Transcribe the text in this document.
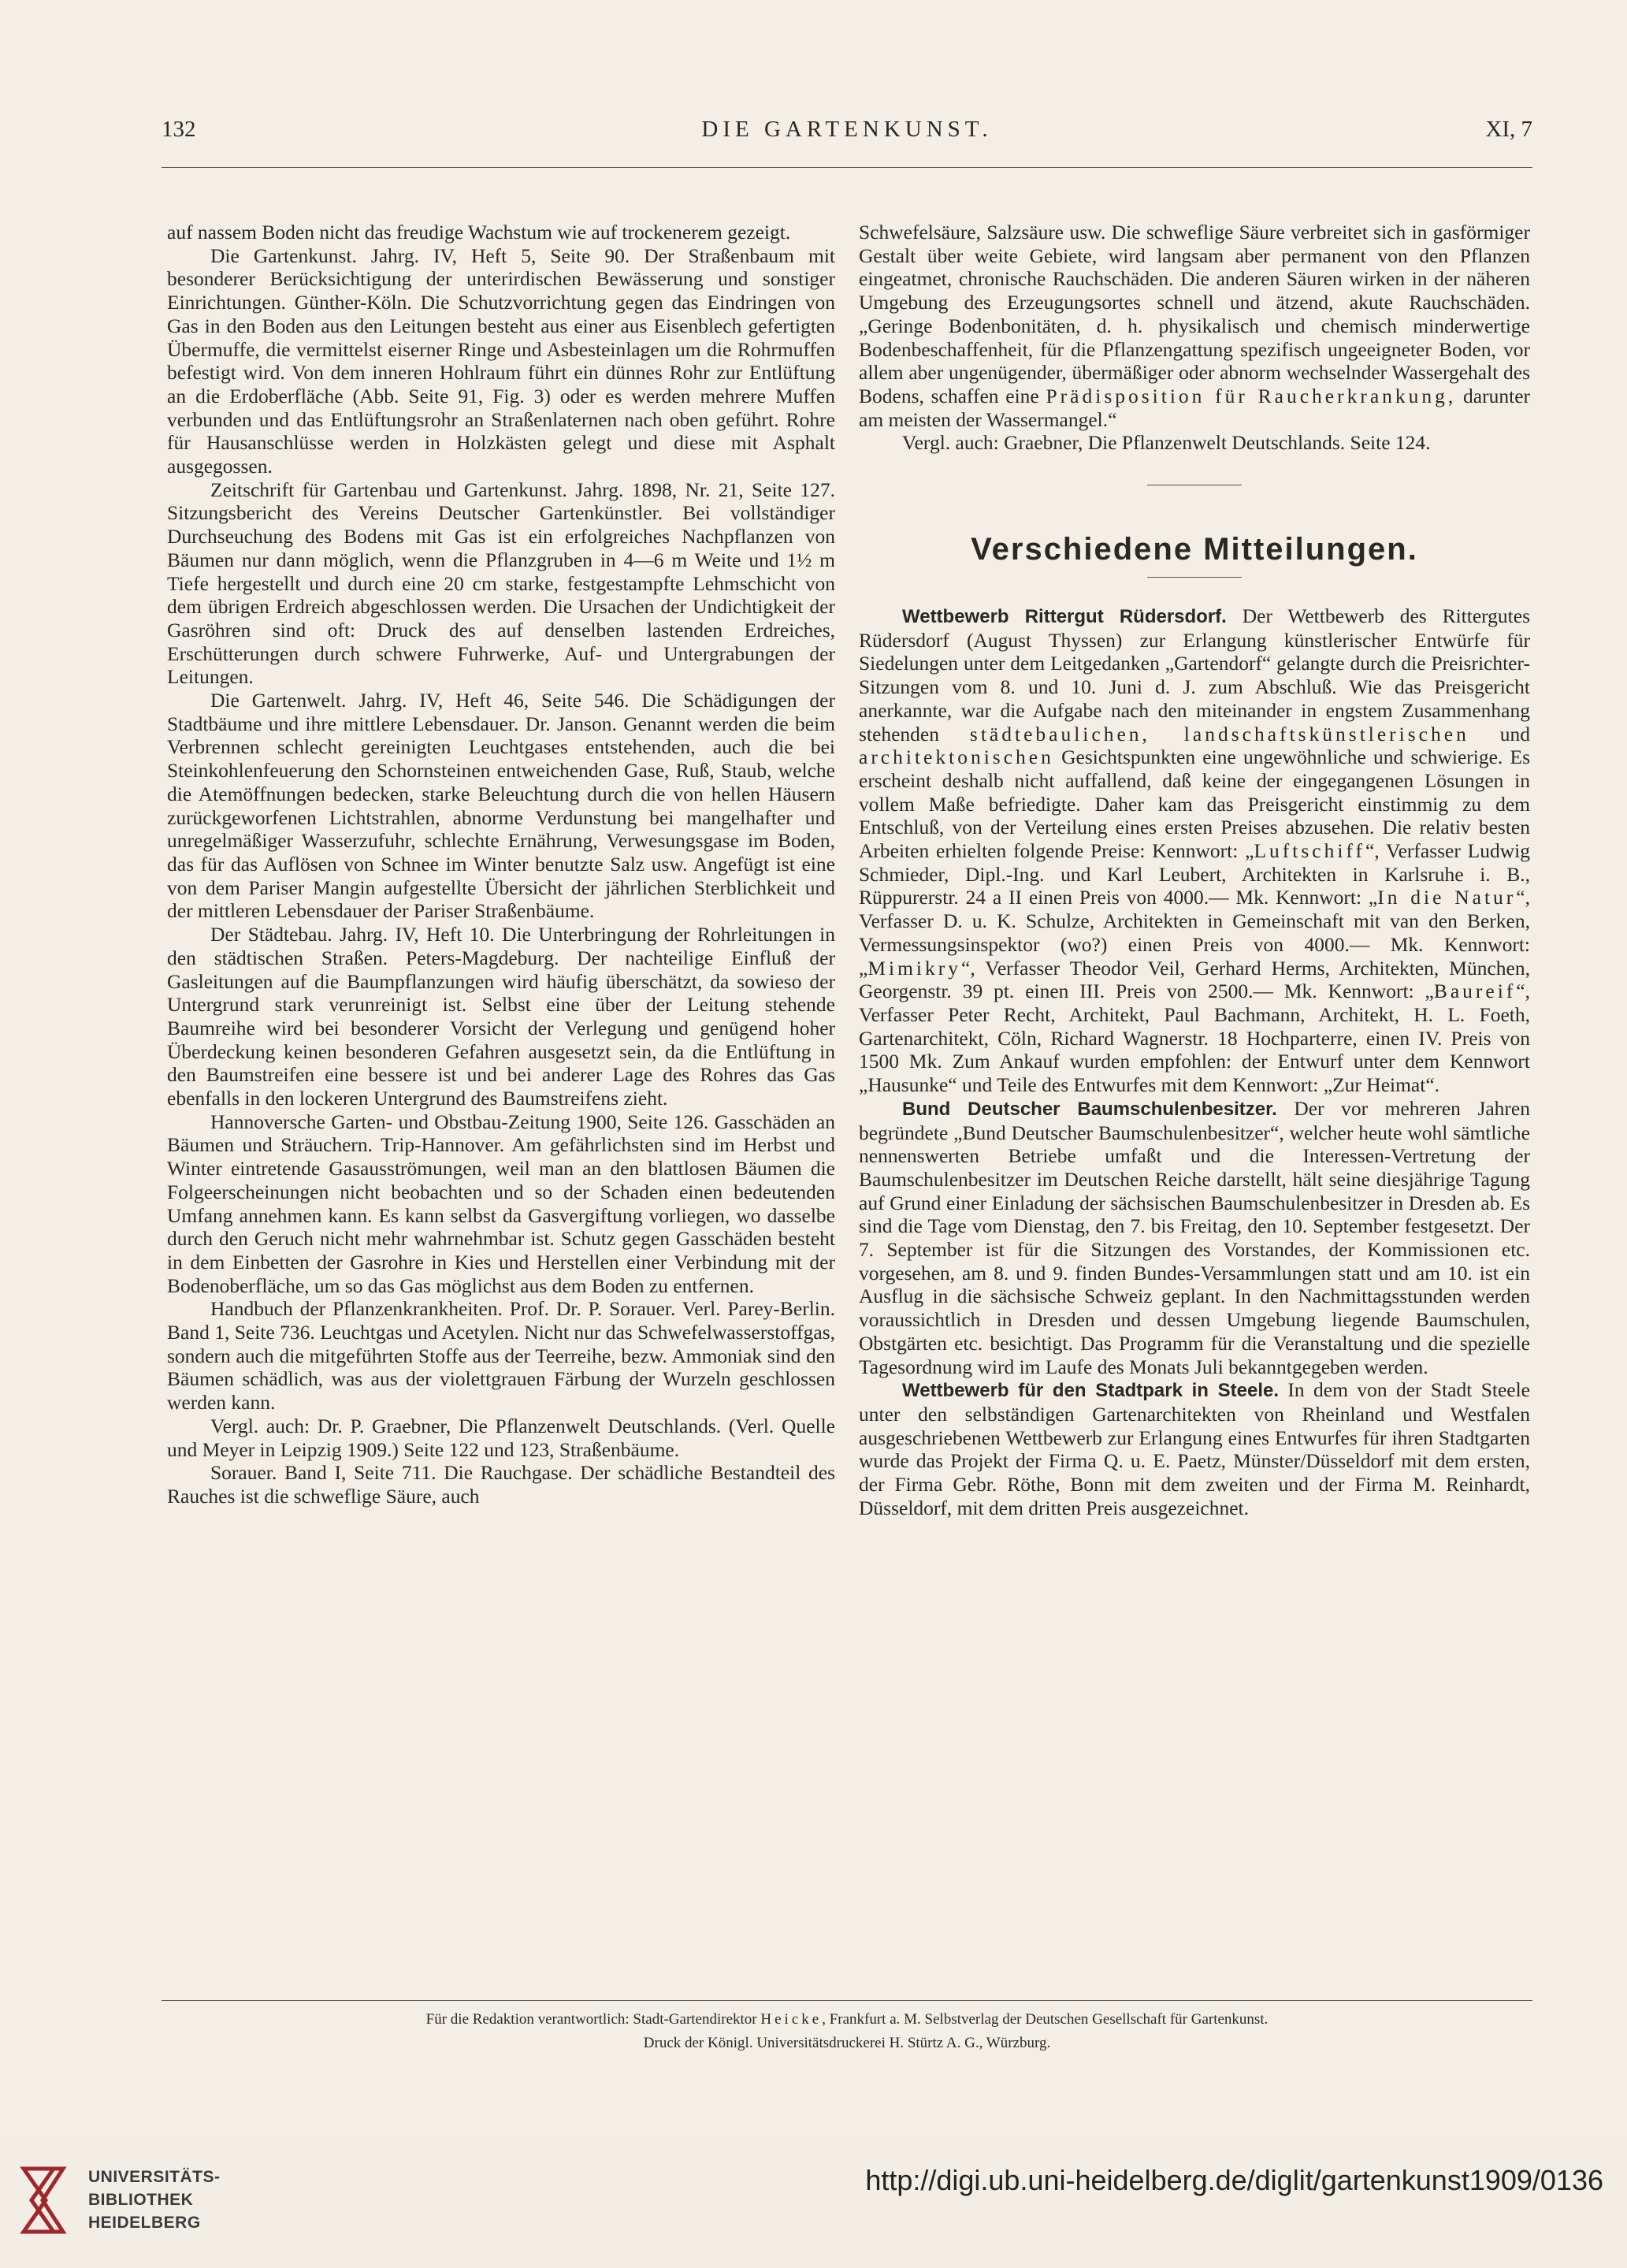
132	DIE GARTENKUNST.	XI, 7

auf nassem Boden nicht das freudige Wachstum wie auf trockenerem gezeigt.

Die Gartenkunst. Jahrg. IV, Heft 5, Seite 90. Der Straßenbaum mit besonderer Berücksichtigung der unterirdischen Bewässerung und sonstiger Einrichtungen. Günther-Köln. Die Schutzvorrichtung gegen das Eindringen von Gas in den Boden aus den Leitungen besteht aus einer aus Eisenblech gefertigten Übermuffe, die vermittelst eiserner Ringe und Asbesteinlagen um die Rohrmuffen befestigt wird. Von dem inneren Hohlraum führt ein dünnes Rohr zur Entlüftung an die Erdoberfläche (Abb. Seite 91, Fig. 3) oder es werden mehrere Muffen verbunden und das Entlüftungsrohr an Straßenlaternen nach oben geführt. Rohre für Hausanschlüsse werden in Holzkästen gelegt und diese mit Asphalt ausgegossen.

Zeitschrift für Gartenbau und Gartenkunst. Jahrg. 1898, Nr. 21, Seite 127. Sitzungsbericht des Vereins Deutscher Gartenkünstler. Bei vollständiger Durchseuchung des Bodens mit Gas ist ein erfolgreiches Nachpflanzen von Bäumen nur dann möglich, wenn die Pflanzgruben in 4—6 m Weite und 1½ m Tiefe hergestellt und durch eine 20 cm starke, festgestampfte Lehmschicht von dem übrigen Erdreich abgeschlossen werden. Die Ursachen der Undichtigkeit der Gasröhren sind oft: Druck des auf denselben lastenden Erdreiches, Erschütterungen durch schwere Fuhrwerke, Auf- und Untergrabungen der Leitungen.

Die Gartenwelt. Jahrg. IV, Heft 46, Seite 546. Die Schädigungen der Stadtbäume und ihre mittlere Lebensdauer. Dr. Janson. Genannt werden die beim Verbrennen schlecht gereinigten Leuchtgases entstehenden, auch die bei Steinkohlenfeuerung den Schornsteinen entweichenden Gase, Ruß, Staub, welche die Atemöffnungen bedecken, starke Beleuchtung durch die von hellen Häusern zurückgeworfenen Lichtstrahlen, abnorme Verdunstung bei mangelhafter und unregelmäßiger Wasserzufuhr, schlechte Ernährung, Verwesungsgase im Boden, das für das Auflösen von Schnee im Winter benutzte Salz usw. Angefügt ist eine von dem Pariser Mangin aufgestellte Übersicht der jährlichen Sterblichkeit und der mittleren Lebensdauer der Pariser Straßenbäume.

Der Städtebau. Jahrg. IV, Heft 10. Die Unterbringung der Rohrleitungen in den städtischen Straßen. Peters-Magdeburg. Der nachteilige Einfluß der Gasleitungen auf die Baumpflanzungen wird häufig überschätzt, da sowieso der Untergrund stark verunreinigt ist. Selbst eine über der Leitung stehende Baumreihe wird bei besonderer Vorsicht der Verlegung und genügend hoher Überdeckung keinen besonderen Gefahren ausgesetzt sein, da die Entlüftung in den Baumstreifen eine bessere ist und bei anderer Lage des Rohres das Gas ebenfalls in den lockeren Untergrund des Baumstreifens zieht.

Hannoversche Garten- und Obstbau-Zeitung 1900, Seite 126. Gasschäden an Bäumen und Sträuchern. Trip-Hannover. Am gefährlichsten sind im Herbst und Winter eintretende Gasausströmungen, weil man an den blattlosen Bäumen die Folgeerscheinungen nicht beobachten und so der Schaden einen bedeutenden Umfang annehmen kann. Es kann selbst da Gasvergiftung vorliegen, wo dasselbe durch den Geruch nicht mehr wahrnehmbar ist. Schutz gegen Gasschäden besteht in dem Einbetten der Gasrohre in Kies und Herstellen einer Verbindung mit der Bodenoberfläche, um so das Gas möglichst aus dem Boden zu entfernen.

Handbuch der Pflanzenkrankheiten. Prof. Dr. P. Sorauer. Verl. Parey-Berlin. Band 1, Seite 736. Leuchtgas und Acetylen. Nicht nur das Schwefelwasserstoffgas, sondern auch die mitgeführten Stoffe aus der Teerreihe, bezw. Ammoniak sind den Bäumen schädlich, was aus der violettgrauen Färbung der Wurzeln geschlossen werden kann.

Vergl. auch: Dr. P. Graebner, Die Pflanzenwelt Deutschlands. (Verl. Quelle und Meyer in Leipzig 1909.) Seite 122 und 123, Straßenbäume.

Sorauer. Band I, Seite 711. Die Rauchgase. Der schädliche Bestandteil des Rauches ist die schweflige Säure, auch

Schwefelsäure, Salzsäure usw. Die schweflige Säure verbreitet sich in gasförmiger Gestalt über weite Gebiete, wird langsam aber permanent von den Pflanzen eingeatmet, chronische Rauchschäden. Die anderen Säuren wirken in der näheren Umgebung des Erzeugungsortes schnell und ätzend, akute Rauchschäden. „Geringe Bodenbonitäten, d. h. physikalisch und chemisch minderwertige Bodenbeschaffenheit, für die Pflanzengattung spezifisch ungeeigneter Boden, vor allem aber ungenügender, übermäßiger oder abnorm wechselnder Wassergehalt des Bodens, schaffen eine Prädisposition für Raucherkrankung, darunter am meisten der Wassermangel.“

Vergl. auch: Graebner, Die Pflanzenwelt Deutschlands. Seite 124.

Verschiedene Mitteilungen.

Wettbewerb Rittergut Rüdersdorf. Der Wettbewerb des Rittergutes Rüdersdorf (August Thyssen) zur Erlangung künstlerischer Entwürfe für Siedelungen unter dem Leitgedanken „Gartendorf“ gelangte durch die Preisrichter-Sitzungen vom 8. und 10. Juni d. J. zum Abschluß. Wie das Preisgericht anerkannte, war die Aufgabe nach den miteinander in engstem Zusammenhang stehenden städtebaulichen, landschaftskünstlerischen und architektonischen Gesichtspunkten eine ungewöhnliche und schwierige. Es erscheint deshalb nicht auffallend, daß keine der eingegangenen Lösungen in vollem Maße befriedigte. Daher kam das Preisgericht einstimmig zu dem Entschluß, von der Verteilung eines ersten Preises abzusehen. Die relativ besten Arbeiten erhielten folgende Preise: Kennwort: „Luftschiff“, Verfasser Ludwig Schmieder, Dipl.-Ing. und Karl Leubert, Architekten in Karlsruhe i. B., Rüppurerstr. 24 a II einen Preis von 4000.— Mk. Kennwort: „In die Natur“, Verfasser D. u. K. Schulze, Architekten in Gemeinschaft mit van den Berken, Vermessungsinspektor (wo?) einen Preis von 4000.— Mk. Kennwort: „Mimikry“, Verfasser Theodor Veil, Gerhard Herms, Architekten, München, Georgenstr. 39 pt. einen III. Preis von 2500.— Mk. Kennwort: „Baureif“, Verfasser Peter Recht, Architekt, Paul Bachmann, Architekt, H. L. Foeth, Gartenarchitekt, Cöln, Richard Wagnerstr. 18 Hochparterre, einen IV. Preis von 1500 Mk. Zum Ankauf wurden empfohlen: der Entwurf unter dem Kennwort „Hausunke“ und Teile des Entwurfes mit dem Kennwort: „Zur Heimat“.

Bund Deutscher Baumschulenbesitzer. Der vor mehreren Jahren begründete „Bund Deutscher Baumschulenbesitzer“, welcher heute wohl sämtliche nennenswerten Betriebe umfaßt und die Interessen-Vertretung der Baumschulenbesitzer im Deutschen Reiche darstellt, hält seine diesjährige Tagung auf Grund einer Einladung der sächsischen Baumschulenbesitzer in Dresden ab. Es sind die Tage vom Dienstag, den 7. bis Freitag, den 10. September festgesetzt. Der 7. September ist für die Sitzungen des Vorstandes, der Kommissionen etc. vorgesehen, am 8. und 9. finden Bundes-Versammlungen statt und am 10. ist ein Ausflug in die sächsische Schweiz geplant. In den Nachmittagsstunden werden voraussichtlich in Dresden und dessen Umgebung liegende Baumschulen, Obstgärten etc. besichtigt. Das Programm für die Veranstaltung und die spezielle Tagesordnung wird im Laufe des Monats Juli bekanntgegeben werden.

Wettbewerb für den Stadtpark in Steele. In dem von der Stadt Steele unter den selbständigen Gartenarchitekten von Rheinland und Westfalen ausgeschriebenen Wettbewerb zur Erlangung eines Entwurfes für ihren Stadtgarten wurde das Projekt der Firma Q. u. E. Paetz, Münster/Düsseldorf mit dem ersten, der Firma Gebr. Röthe, Bonn mit dem zweiten und der Firma M. Reinhardt, Düsseldorf, mit dem dritten Preis ausgezeichnet.

Für die Redaktion verantwortlich: Stadt-Gartendirektor Heicke, Frankfurt a. M. Selbstverlag der Deutschen Gesellschaft für Gartenkunst.

Druck der Königl. Universitätsdruckerei H. Stürtz A. G., Würzburg.

UNIVERSITÄTS-
BIBLIOTHEK
HEIDELBERG
http://digi.ub.uni-heidelberg.de/diglit/gartenkunst1909/0136
